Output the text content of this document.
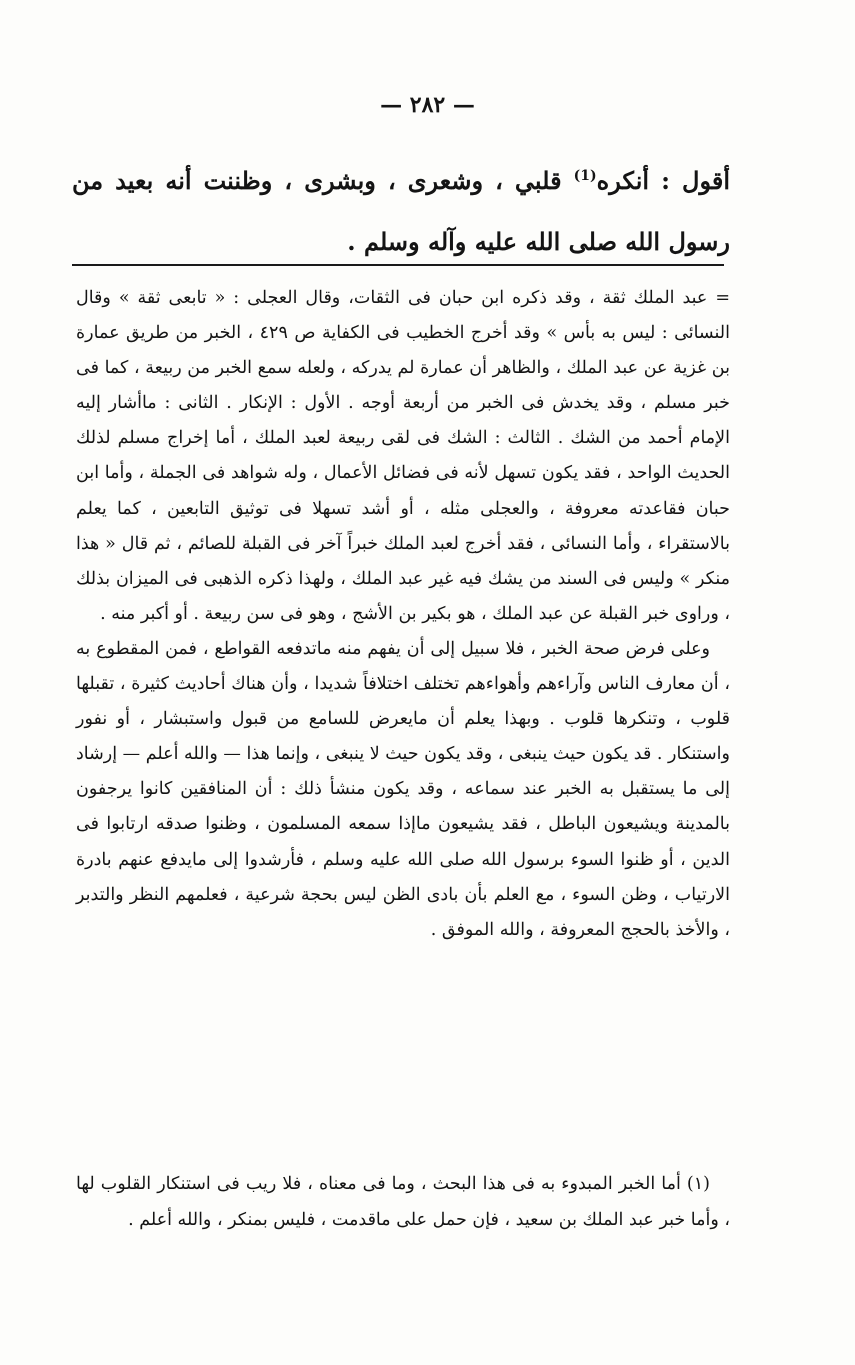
— ٢٨٢ —
أقول : أنكره$^{(1)}$ قلبي ، وشعرى ، وبشرى ، وظننت أنه بعيد من رسول الله صلى الله عليه وآله وسلم .

= عبد الملك ثقة ، وقد ذكره ابن حبان فى الثقات، وقال العجلى : « تابعى ثقة » وقال النسائى : ليس به بأس » وقد أخرج الخطيب فى الكفاية ص ٤٢٩ ، الخبر من طريق عمارة بن غزية عن عبد الملك ، والظاهر أن عمارة لم يدركه ، ولعله سمع الخبر من ربيعة ، كما فى خبر مسلم ، وقد يخدش فى الخبر من أربعة أوجه . الأول : الإنكار . الثانى : ماأشار إليه الإمام أحمد من الشك . الثالث : الشك فى لقى ربيعة لعبد الملك ، أما إخراج مسلم لذلك الحديث الواحد ، فقد يكون تسهل لأنه فى فضائل الأعمال ، وله شواهد فى الجملة ، وأما ابن حبان فقاعدته معروفة ، والعجلى مثله ، أو أشد تسهلا فى توثيق التابعين ، كما يعلم بالاستقراء ، وأما النسائى ، فقد أخرج لعبد الملك خبراً آخر فى القبلة للصائم ، ثم قال « هذا منكر » وليس فى السند من يشك فيه غير عبد الملك ، ولهذا ذكره الذهبى فى الميزان بذلك ، وراوى خبر القبلة عن عبد الملك ، هو بكير بن الأشج ، وهو فى سن ربيعة . أو أكبر منه .

وعلى فرض صحة الخبر ، فلا سبيل إلى أن يفهم منه ماتدفعه القواطع ، فمن المقطوع به ، أن معارف الناس وآراءهم وأهواءهم تختلف اختلافاً شديدا ، وأن هناك أحاديث كثيرة ، تقبلها قلوب ، وتنكرها قلوب . وبهذا يعلم أن مايعرض للسامع من قبول واستبشار ، أو نفور واستنكار . قد يكون حيث ينبغى ، وقد يكون حيث لا ينبغى ، وإنما هذا — والله أعلم — إرشاد إلى ما يستقبل به الخبر عند سماعه ، وقد يكون منشأ ذلك : أن المنافقين كانوا يرجفون بالمدينة ويشيعون الباطل ، فقد يشيعون ماإذا سمعه المسلمون ، وظنوا صدقه ارتابوا فى الدين ، أو ظنوا السوء برسول الله صلى الله عليه وسلم ، فأرشدوا إلى مايدفع عنهم بادرة الارتياب ، وظن السوء ، مع العلم بأن بادى الظن ليس بحجة شرعية ، فعلمهم النظر والتدبر ، والأخذ بالحجج المعروفة ، والله الموفق .

(١) أما الخبر المبدوء به فى هذا البحث ، وما فى معناه ، فلا ريب فى استنكار القلوب لها ، وأما خبر عبد الملك بن سعيد ، فإن حمل على ماقدمت ، فليس بمنكر ، والله أعلم .
